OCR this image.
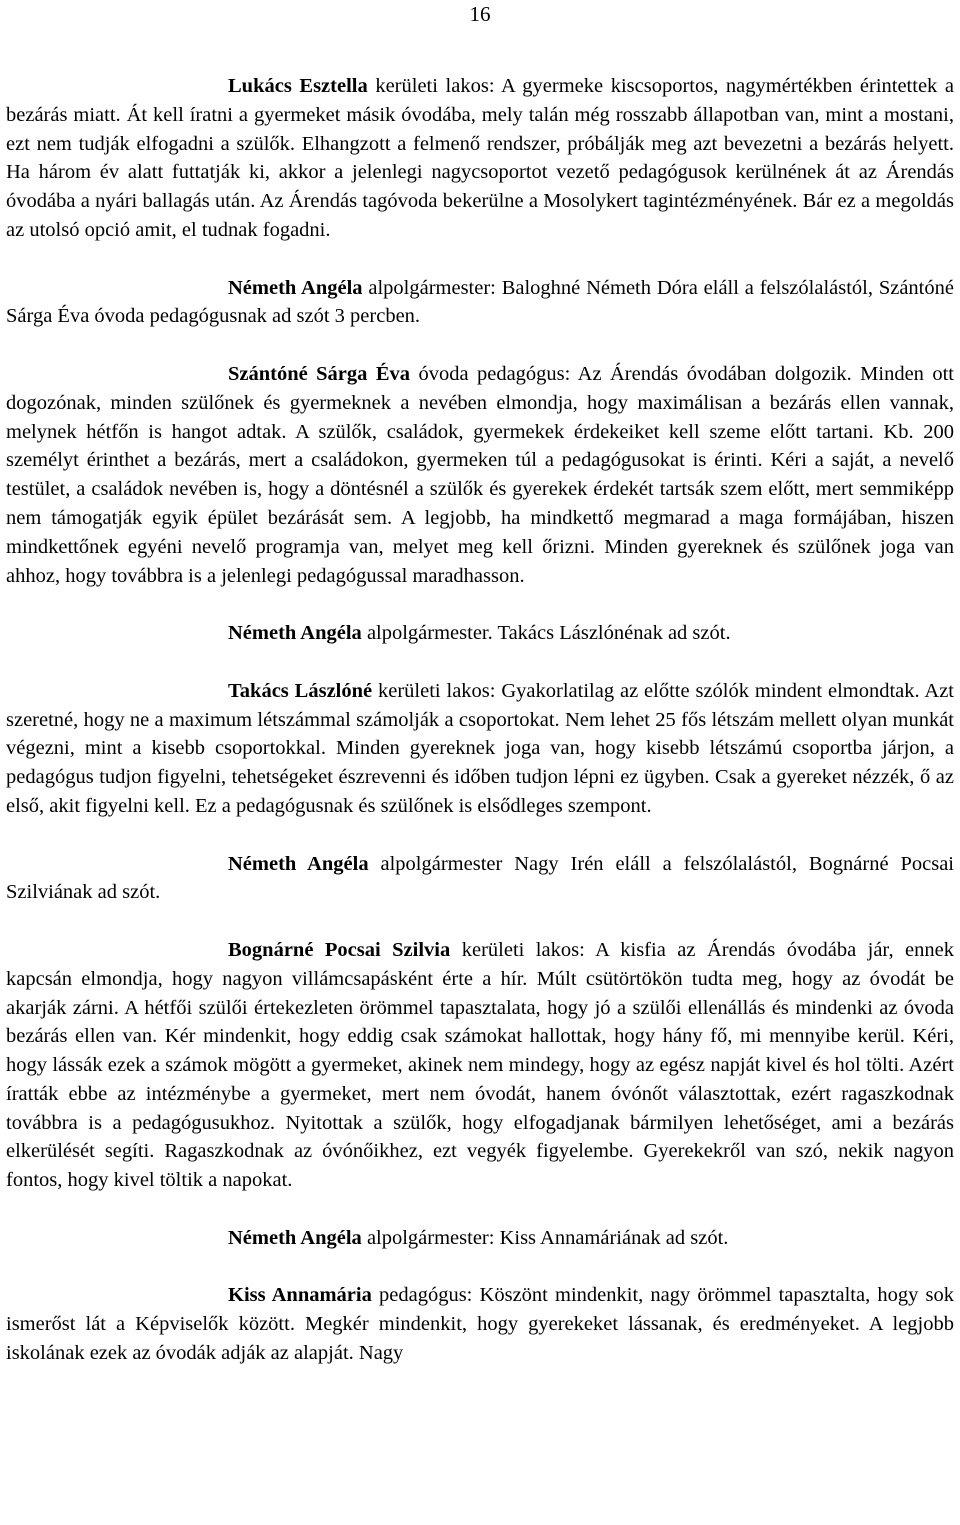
16

Lukács Esztella kerületi lakos: A gyermeke kiscsoportos, nagymértékben érintettek a bezárás miatt. Át kell íratni a gyermeket másik óvodába, mely talán még rosszabb állapotban van, mint a mostani, ezt nem tudják elfogadni a szülők. Elhangzott a felmenő rendszer, próbálják meg azt bevezetni a bezárás helyett. Ha három év alatt futtatják ki, akkor a jelenlegi nagycsoportot vezető pedagógusok kerülnének át az Árendás óvodába a nyári ballagás után. Az Árendás tagóvoda bekerülne a Mosolykert tagintézményének. Bár ez a megoldás az utolsó opció amit, el tudnak fogadni.

Németh Angéla alpolgármester: Baloghné Németh Dóra eláll a felszólalástól, Szántóné Sárga Éva óvoda pedagógusnak ad szót 3 percben.

Szántóné Sárga Éva óvoda pedagógus: Az Árendás óvodában dolgozik. Minden ott dogozónak, minden szülőnek és gyermeknek a nevében elmondja, hogy maximálisan a bezárás ellen vannak, melynek hétfőn is hangot adtak. A szülők, családok, gyermekek érdekeiket kell szeme előtt tartani. Kb. 200 személyt érinthet a bezárás, mert a családokon, gyermeken túl a pedagógusokat is érinti. Kéri a saját, a nevelő testület, a családok nevében is, hogy a döntésnél a szülők és gyerekek érdekét tartsák szem előtt, mert semmiképp nem támogatják egyik épület bezárását sem. A legjobb, ha mindkettő megmarad a maga formájában, hiszen mindkettőnek egyéni nevelő programja van, melyet meg kell őrizni. Minden gyereknek és szülőnek joga van ahhoz, hogy továbbra is a jelenlegi pedagógussal maradhasson.

Németh Angéla alpolgármester. Takács Lászlónénak ad szót.

Takács Lászlóné kerületi lakos: Gyakorlatilag az előtte szólók mindent elmondtak. Azt szeretné, hogy ne a maximum létszámmal számolják a csoportokat. Nem lehet 25 fős létszám mellett olyan munkát végezni, mint a kisebb csoportokkal. Minden gyereknek joga van, hogy kisebb létszámú csoportba járjon, a pedagógus tudjon figyelni, tehetségeket észrevenni és időben tudjon lépni ez ügyben. Csak a gyereket nézzék, ő az első, akit figyelni kell. Ez a pedagógusnak és szülőnek is elsődleges szempont.

Németh Angéla alpolgármester Nagy Irén eláll a felszólalástól, Bognárné Pocsai Szilviának ad szót.

Bognárné Pocsai Szilvia kerületi lakos: A kisfia az Árendás óvodába jár, ennek kapcsán elmondja, hogy nagyon villámcsapásként érte a hír. Múlt csütörtökön tudta meg, hogy az óvodát be akarják zárni. A hétfői szülői értekezleten örömmel tapasztalata, hogy jó a szülői ellenállás és mindenki az óvoda bezárás ellen van. Kér mindenkit, hogy eddig csak számokat hallottak, hogy hány fő, mi mennyibe kerül. Kéri, hogy lássák ezek a számok mögött a gyermeket, akinek nem mindegy, hogy az egész napját kivel és hol tölti. Azért íratták ebbe az intézménybe a gyermeket, mert nem óvodát, hanem óvónőt választottak, ezért ragaszkodnak továbbra is a pedagógusukhoz. Nyitottak a szülők, hogy elfogadjanak bármilyen lehetőséget, ami a bezárás elkerülését segíti. Ragaszkodnak az óvónőikhez, ezt vegyék figyelembe. Gyerekekről van szó, nekik nagyon fontos, hogy kivel töltik a napokat.

Németh Angéla alpolgármester: Kiss Annamáriának ad szót.

Kiss Annamária pedagógus: Köszönt mindenkit, nagy örömmel tapasztalta, hogy sok ismerőst lát a Képviselők között. Megkér mindenkit, hogy gyerekeket lássanak, és eredményeket. A legjobb iskolának ezek az óvodák adják az alapját. Nagy
